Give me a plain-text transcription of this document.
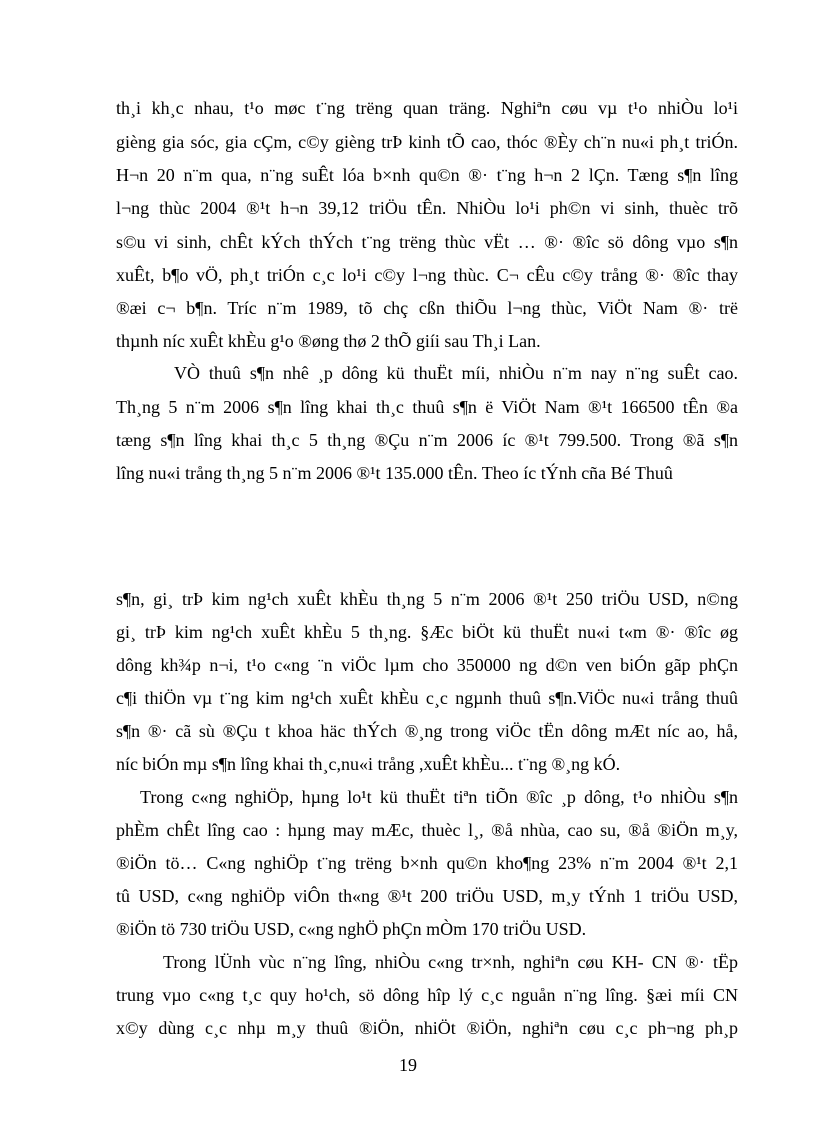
th¸i kh¸c nhau, t¹o møc t¨ng trëng quan träng. Nghiªn cøu vµ t¹o nhiÒu lo¹i
gièng gia sóc, gia cÇm, c©y gièng trÞ kinh tÕ cao, thóc ®Èy ch¨n nu«i ph¸t triÓn.
H¬n 20 n¨m qua, n¨ng suÊt lóa b×nh qu©n ®· t¨ng h¬n 2 lÇn. Tæng s¶n lîng
l¬ng thùc 2004 ®¹t h¬n 39,12 triÖu tÊn. NhiÒu lo¹i ph©n vi sinh, thuèc trõ
s©u vi sinh, chÊt kÝch thÝch t¨ng trëng thùc vËt … ®· ®îc sö dông vµo s¶n
xuÊt, b¶o vÖ, ph¸t triÓn c¸c lo¹i c©y l¬ng thùc. C¬ cÊu c©y trång ®· ®îc thay
®æi c¬ b¶n. Tríc n¨m 1989, tõ chç cßn thiÕu l¬ng thùc, ViÖt Nam ®· trë
thµnh níc xuÊt khÈu g¹o ®øng thø 2 thÕ giíi sau Th¸i Lan.
VÒ thuû s¶n nhê ¸p dông kü thuËt míi, nhiÒu n¨m nay n¨ng suÊt cao.
Th¸ng 5 n¨m 2006 s¶n lîng khai th¸c thuû s¶n ë ViÖt Nam ®¹t 166500 tÊn ®a
tæng s¶n lîng khai th¸c 5 th¸ng ®Çu n¨m 2006 íc ®¹t 799.500. Trong ®ã s¶n
lîng nu«i trång th¸ng 5 n¨m 2006 ®¹t 135.000 tÊn. Theo íc tÝnh cña Bé Thuû
s¶n, gi¸ trÞ kim ng¹ch xuÊt khÈu th¸ng 5 n¨m 2006 ®¹t 250 triÖu USD, n©ng
gi¸ trÞ kim ng¹ch xuÊt khÈu 5 th¸ng. §Æc biÖt kü thuËt nu«i t«m ®· ®îc øg
dông kh¾p n¬i, t¹o c«ng ¨n viÖc lµm cho 350000 ng d©n ven biÓn gãp phÇn
c¶i thiÖn vµ t¨ng kim ng¹ch xuÊt khÈu c¸c ngµnh thuû s¶n.ViÖc nu«i trång thuû
s¶n ®· cã sù ®Çu t khoa häc thÝch ®¸ng trong viÖc tËn dông mÆt níc ao, hå,
níc biÓn mµ s¶n lîng khai th¸c,nu«i trång ,xuÊt khÈu... t¨ng ®¸ng kÓ.
Trong c«ng nghiÖp, hµng lo¹t kü thuËt tiªn tiÕn ®îc ¸p dông, t¹o nhiÒu s¶n
phÈm chÊt lîng cao : hµng may mÆc, thuèc l¸, ®å nhùa, cao su, ®å ®iÖn m¸y,
®iÖn tö… C«ng nghiÖp t¨ng trëng b×nh qu©n kho¶ng 23% n¨m 2004 ®¹t 2,1
tû USD, c«ng nghiÖp viÔn th«ng ®¹t 200 triÖu USD, m¸y tÝnh 1 triÖu USD,
®iÖn tö 730 triÖu USD, c«ng nghÖ phÇn mÒm 170 triÖu USD.
Trong lÜnh vùc n¨ng lîng, nhiÒu c«ng tr×nh, nghiªn cøu KH- CN ®· tËp
trung vµo c«ng t¸c quy ho¹ch, sö dông hîp lý c¸c nguån n¨ng lîng. §æi míi CN
x©y dùng c¸c nhµ m¸y thuû ®iÖn, nhiÖt ®iÖn, nghiªn cøu c¸c ph¬ng ph¸p
19
